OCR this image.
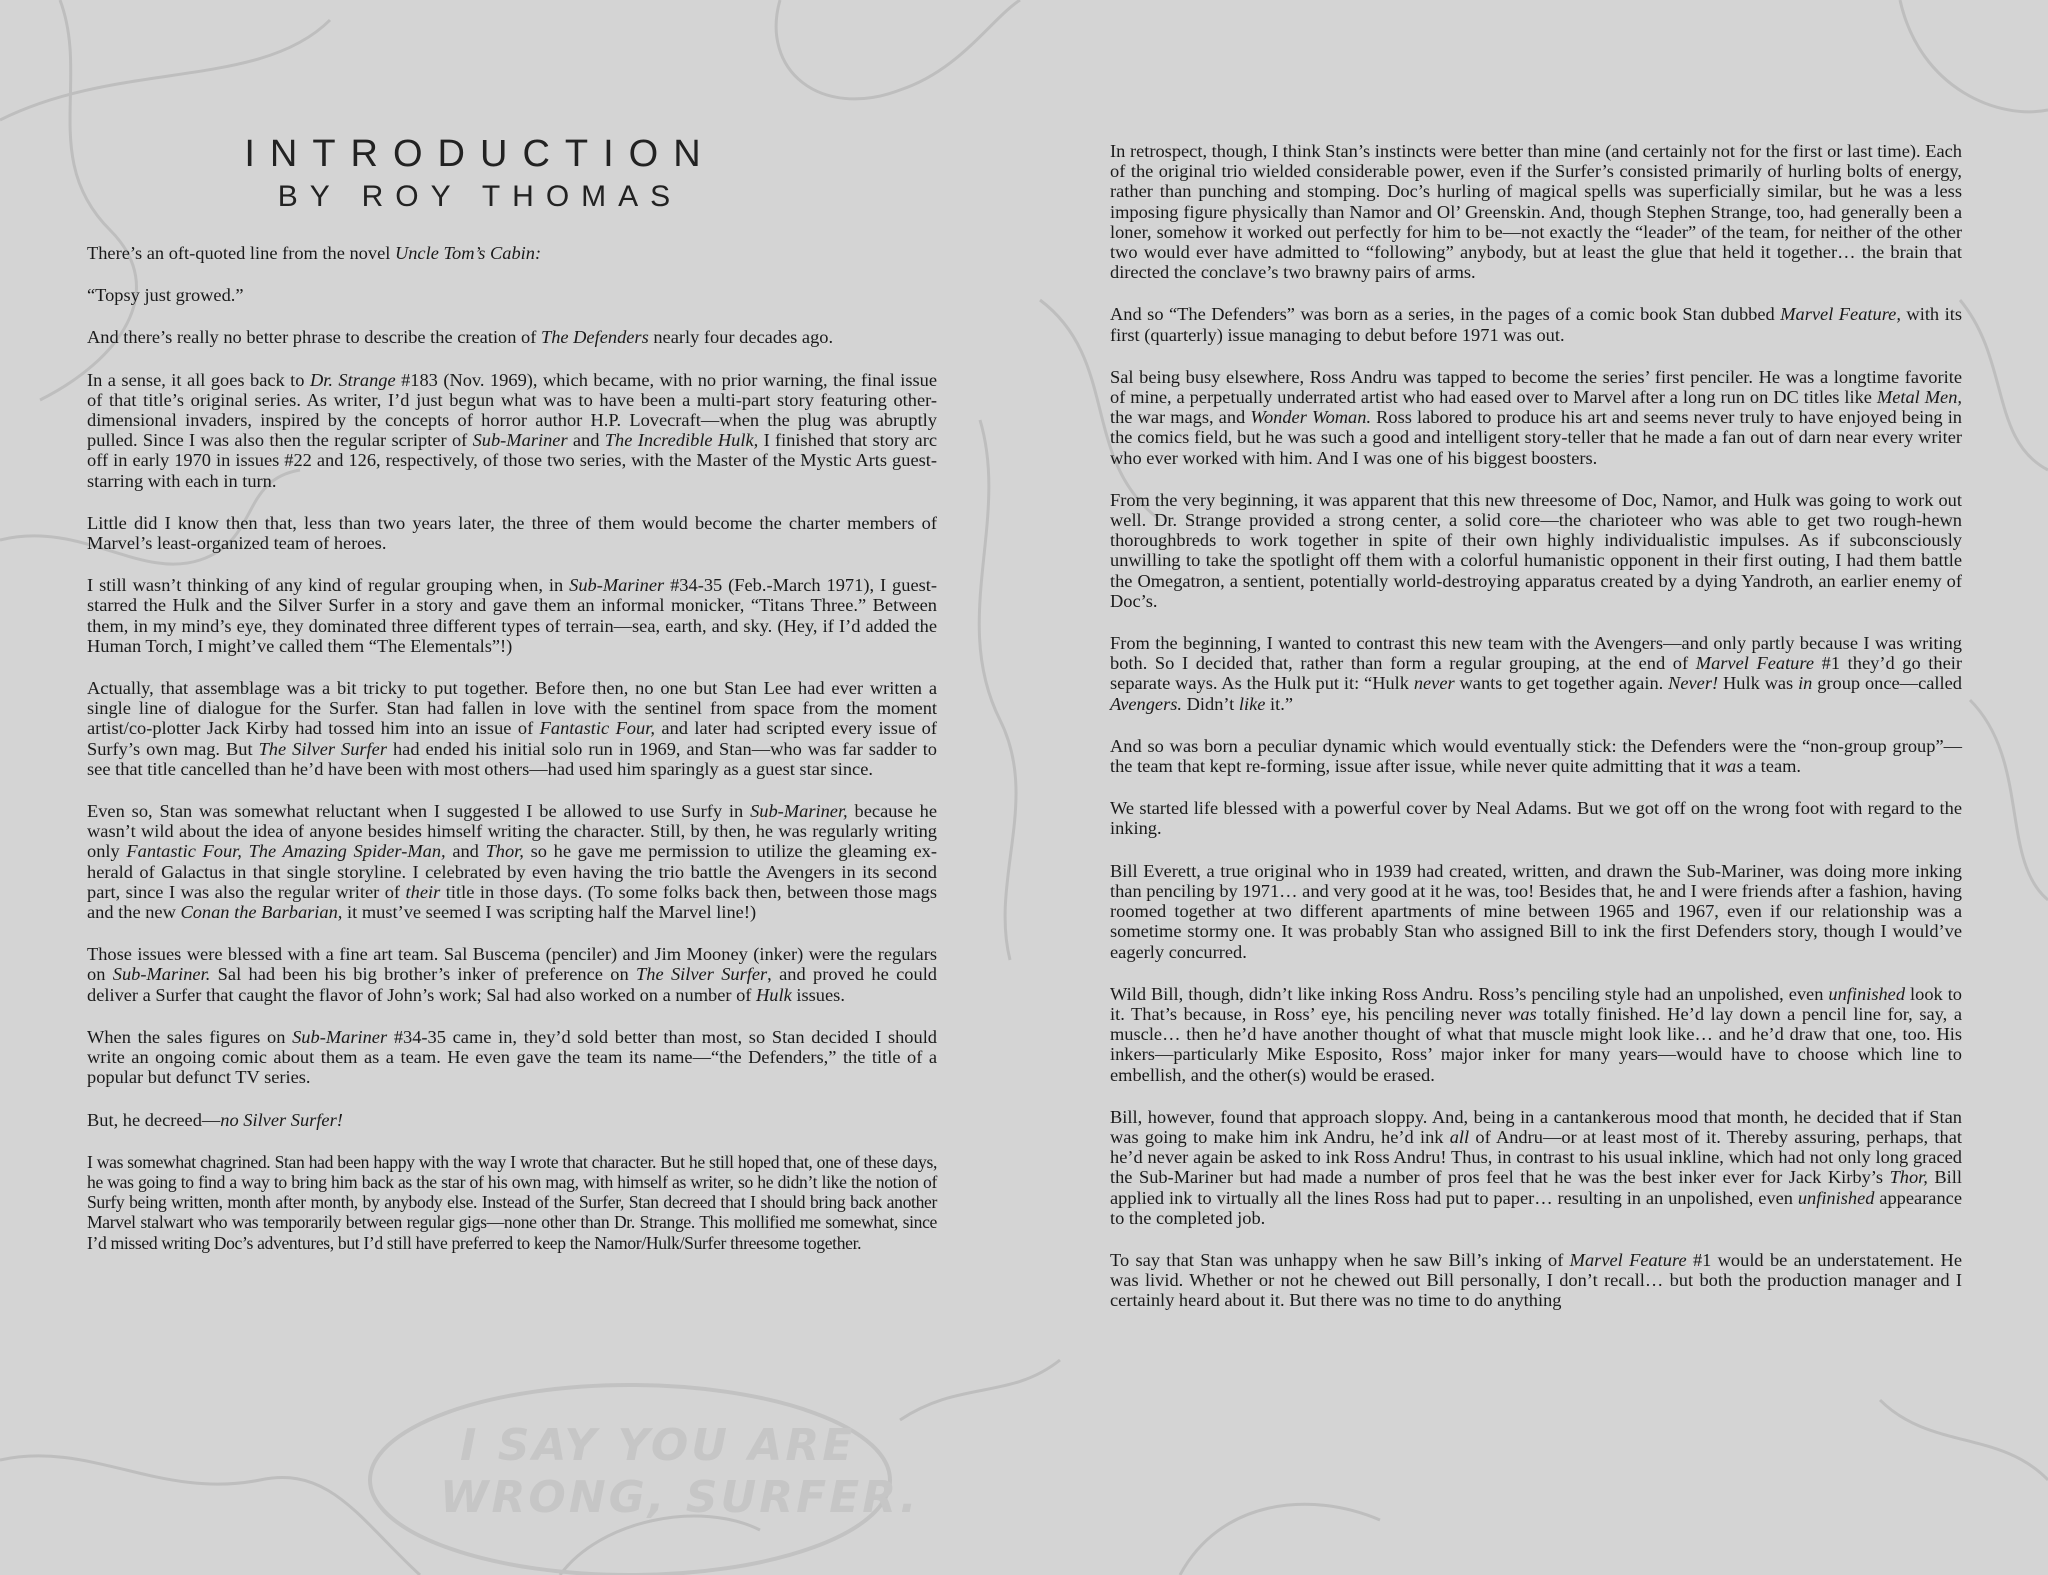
I SAY YOU ARE
WRONG, SURFER.
INTRODUCTION
BY ROY THOMAS

There’s an oft-quoted line from the novel Uncle Tom’s Cabin:

“Topsy just growed.”

And there’s really no better phrase to describe the creation of The Defenders nearly four decades ago.

In a sense, it all goes back to Dr. Strange #183 (Nov. 1969), which became, with no prior warning, the final issue of that title’s original series. As writer, I’d just begun what was to have been a multi-part story featuring other-dimensional invaders, inspired by the concepts of horror author H.P. Lovecraft—when the plug was abruptly pulled. Since I was also then the regular scripter of Sub-Mariner and The Incredible Hulk, I finished that story arc off in early 1970 in issues #22 and 126, respectively, of those two series, with the Master of the Mystic Arts guest-starring with each in turn.

Little did I know then that, less than two years later, the three of them would become the charter members of Marvel’s least-organized team of heroes.

I still wasn’t thinking of any kind of regular grouping when, in Sub-Mariner #34-35 (Feb.-March 1971), I guest-starred the Hulk and the Silver Surfer in a story and gave them an informal monicker, “Titans Three.” Between them, in my mind’s eye, they dominated three different types of terrain—sea, earth, and sky. (Hey, if I’d added the Human Torch, I might’ve called them “The Elementals”!)

Actually, that assemblage was a bit tricky to put together. Before then, no one but Stan Lee had ever written a single line of dialogue for the Surfer. Stan had fallen in love with the sentinel from space from the moment artist/co-plotter Jack Kirby had tossed him into an issue of Fantastic Four, and later had scripted every issue of Surfy’s own mag. But The Silver Surfer had ended his initial solo run in 1969, and Stan—who was far sadder to see that title cancelled than he’d have been with most others—had used him sparingly as a guest star since.

Even so, Stan was somewhat reluctant when I suggested I be allowed to use Surfy in Sub-Mariner, because he wasn’t wild about the idea of anyone besides himself writing the character. Still, by then, he was regularly writing only Fantastic Four, The Amazing Spider-Man, and Thor, so he gave me permission to utilize the gleaming ex-herald of Galactus in that single storyline. I celebrated by even having the trio battle the Avengers in its second part, since I was also the regular writer of their title in those days. (To some folks back then, between those mags and the new Conan the Barbarian, it must’ve seemed I was scripting half the Marvel line!)

Those issues were blessed with a fine art team. Sal Buscema (penciler) and Jim Mooney (inker) were the regulars on Sub-Mariner. Sal had been his big brother’s inker of preference on The Silver Surfer, and proved he could deliver a Surfer that caught the flavor of John’s work; Sal had also worked on a number of Hulk issues.

When the sales figures on Sub-Mariner #34-35 came in, they’d sold better than most, so Stan decided I should write an ongoing comic about them as a team. He even gave the team its name—“the Defenders,” the title of a popular but defunct TV series.

But, he decreed—no Silver Surfer!

I was somewhat chagrined. Stan had been happy with the way I wrote that character. But he still hoped that, one of these days, he was going to find a way to bring him back as the star of his own mag, with himself as writer, so he didn’t like the notion of Surfy being written, month after month, by anybody else. Instead of the Surfer, Stan decreed that I should bring back another Marvel stalwart who was temporarily between regular gigs—none other than Dr. Strange. This mollified me somewhat, since I’d missed writing Doc’s adventures, but I’d still have preferred to keep the Namor/Hulk/Surfer threesome together.

In retrospect, though, I think Stan’s instincts were better than mine (and certainly not for the first or last time). Each of the original trio wielded considerable power, even if the Surfer’s consisted primarily of hurling bolts of energy, rather than punching and stomping. Doc’s hurling of magical spells was superficially similar, but he was a less imposing figure physically than Namor and Ol’ Greenskin. And, though Stephen Strange, too, had generally been a loner, somehow it worked out perfectly for him to be—not exactly the “leader” of the team, for neither of the other two would ever have admitted to “following” anybody, but at least the glue that held it together… the brain that directed the conclave’s two brawny pairs of arms.

And so “The Defenders” was born as a series, in the pages of a comic book Stan dubbed Marvel Feature, with its first (quarterly) issue managing to debut before 1971 was out.

Sal being busy elsewhere, Ross Andru was tapped to become the series’ first penciler. He was a longtime favorite of mine, a perpetually underrated artist who had eased over to Marvel after a long run on DC titles like Metal Men, the war mags, and Wonder Woman. Ross labored to produce his art and seems never truly to have enjoyed being in the comics field, but he was such a good and intelligent story-teller that he made a fan out of darn near every writer who ever worked with him. And I was one of his biggest boosters.

From the very beginning, it was apparent that this new threesome of Doc, Namor, and Hulk was going to work out well. Dr. Strange provided a strong center, a solid core—the charioteer who was able to get two rough-hewn thoroughbreds to work together in spite of their own highly individualistic impulses. As if subconsciously unwilling to take the spotlight off them with a colorful humanistic opponent in their first outing, I had them battle the Omegatron, a sentient, potentially world-destroying apparatus created by a dying Yandroth, an earlier enemy of Doc’s.

From the beginning, I wanted to contrast this new team with the Avengers—and only partly because I was writing both. So I decided that, rather than form a regular grouping, at the end of Marvel Feature #1 they’d go their separate ways. As the Hulk put it: “Hulk never wants to get together again. Never! Hulk was in group once—called Avengers. Didn’t like it.”

And so was born a peculiar dynamic which would eventually stick: the Defenders were the “non-group group”—the team that kept re-forming, issue after issue, while never quite admitting that it was a team.

We started life blessed with a powerful cover by Neal Adams. But we got off on the wrong foot with regard to the inking.

Bill Everett, a true original who in 1939 had created, written, and drawn the Sub-Mariner, was doing more inking than penciling by 1971… and very good at it he was, too! Besides that, he and I were friends after a fashion, having roomed together at two different apartments of mine between 1965 and 1967, even if our relationship was a sometime stormy one. It was probably Stan who assigned Bill to ink the first Defenders story, though I would’ve eagerly concurred.

Wild Bill, though, didn’t like inking Ross Andru. Ross’s penciling style had an unpolished, even unfinished look to it. That’s because, in Ross’ eye, his penciling never was totally finished. He’d lay down a pencil line for, say, a muscle… then he’d have another thought of what that muscle might look like… and he’d draw that one, too. His inkers—particularly Mike Esposito, Ross’ major inker for many years—would have to choose which line to embellish, and the other(s) would be erased.

Bill, however, found that approach sloppy. And, being in a cantankerous mood that month, he decided that if Stan was going to make him ink Andru, he’d ink all of Andru—or at least most of it. Thereby assuring, perhaps, that he’d never again be asked to ink Ross Andru! Thus, in contrast to his usual inkline, which had not only long graced the Sub-Mariner but had made a number of pros feel that he was the best inker ever for Jack Kirby’s Thor, Bill applied ink to virtually all the lines Ross had put to paper… resulting in an unpolished, even unfinished appearance to the completed job.

To say that Stan was unhappy when he saw Bill’s inking of Marvel Feature #1 would be an understatement. He was livid. Whether or not he chewed out Bill personally, I don’t recall… but both the production manager and I certainly heard about it. But there was no time to do anything
